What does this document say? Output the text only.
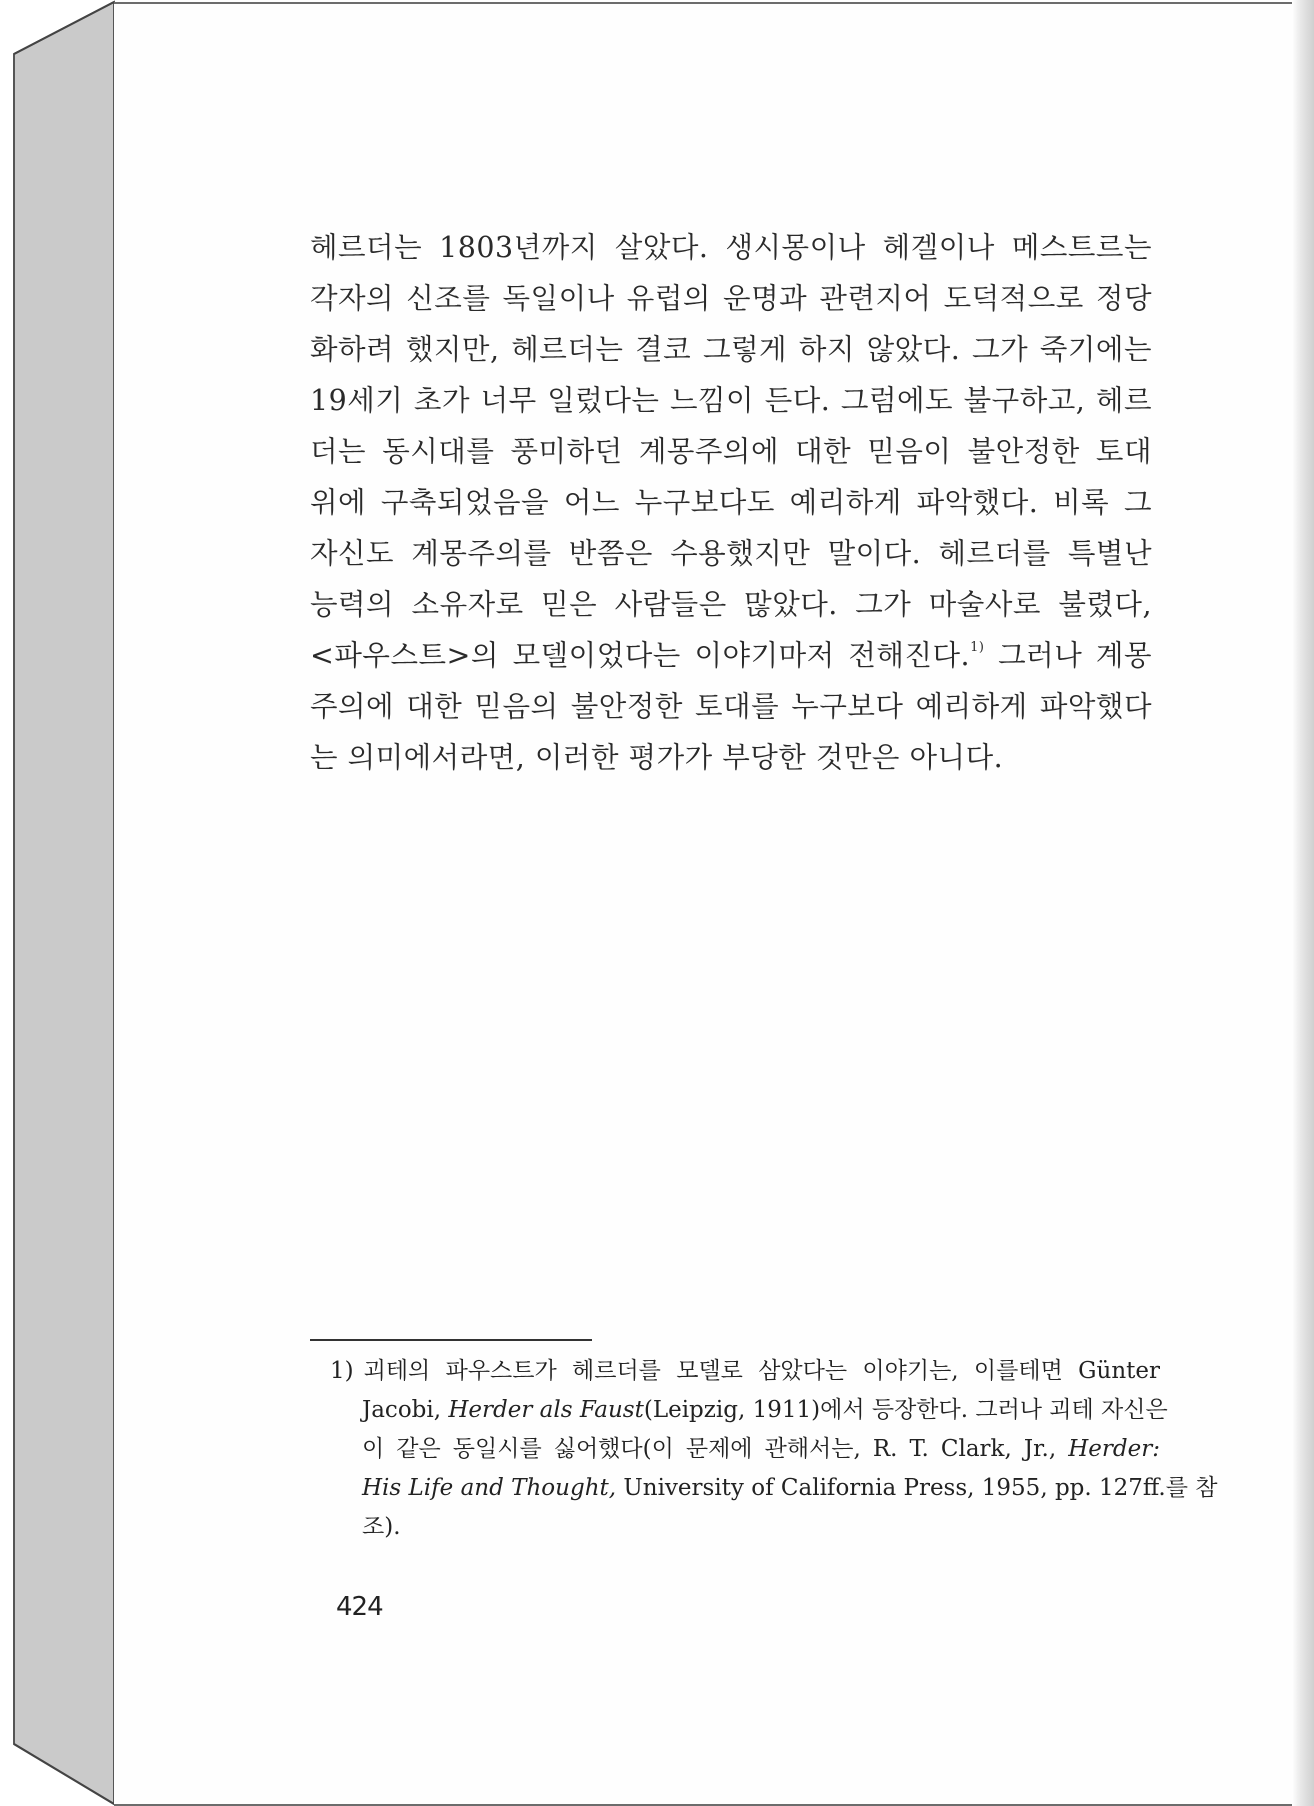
헤르더는 1803년까지 살았다. 생시몽이나 헤겔이나 메스트르는
각자의 신조를 독일이나 유럽의 운명과 관련지어 도덕적으로 정당
화하려 했지만, 헤르더는 결코 그렇게 하지 않았다. 그가 죽기에는
19세기 초가 너무 일렀다는 느낌이 든다. 그럼에도 불구하고, 헤르
더는 동시대를 풍미하던 계몽주의에 대한 믿음이 불안정한 토대
위에 구축되었음을 어느 누구보다도 예리하게 파악했다. 비록 그
자신도 계몽주의를 반쯤은 수용했지만 말이다. 헤르더를 특별난
능력의 소유자로 믿은 사람들은 많았다. 그가 마술사로 불렸다,
<파우스트>의 모델이었다는 이야기마저 전해진다.$^{1)}$ 그러나 계몽
주의에 대한 믿음의 불안정한 토대를 누구보다 예리하게 파악했다
는 의미에서라면, 이러한 평가가 부당한 것만은 아니다.
1) 괴테의 파우스트가 헤르더를 모델로 삼았다는 이야기는, 이를테면 Günter
Jacobi, Herder als Faust(Leipzig, 1911)에서 등장한다. 그러나 괴테 자신은
이 같은 동일시를 싫어했다(이 문제에 관해서는, R. T. Clark, Jr., Herder:
His Life and Thought, University of California Press, 1955, pp. 127ff.를 참
조).
424
